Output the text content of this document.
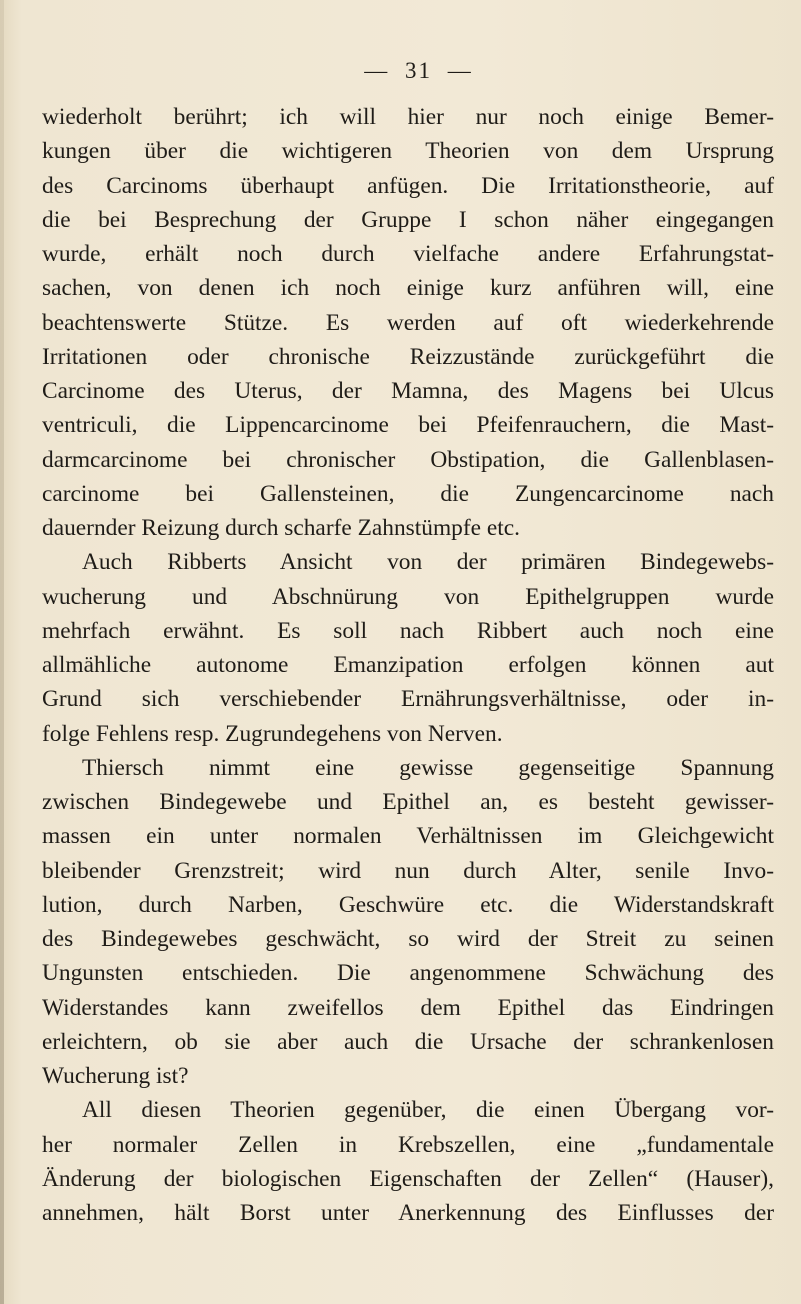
— 31 —
wiederholt berührt; ich will hier nur noch einige Bemer-
kungen über die wichtigeren Theorien von dem Ursprung
des Carcinoms überhaupt anfügen. Die Irritationstheorie, auf
die bei Besprechung der Gruppe I schon näher eingegangen
wurde, erhält noch durch vielfache andere Erfahrungstat-
sachen, von denen ich noch einige kurz anführen will, eine
beachtenswerte Stütze. Es werden auf oft wiederkehrende
Irritationen oder chronische Reizzustände zurückgeführt die
Carcinome des Uterus, der Mamna, des Magens bei Ulcus
ventriculi, die Lippencarcinome bei Pfeifenrauchern, die Mast-
darmcarcinome bei chronischer Obstipation, die Gallenblasen-
carcinome bei Gallensteinen, die Zungencarcinome nach
dauernder Reizung durch scharfe Zahnstümpfe etc.
Auch Ribberts Ansicht von der primären Bindegewebs-
wucherung und Abschnürung von Epithelgruppen wurde
mehrfach erwähnt. Es soll nach Ribbert auch noch eine
allmähliche autonome Emanzipation erfolgen können aut
Grund sich verschiebender Ernährungsverhältnisse, oder in-
folge Fehlens resp. Zugrundegehens von Nerven.
Thiersch nimmt eine gewisse gegenseitige Spannung
zwischen Bindegewebe und Epithel an, es besteht gewisser-
massen ein unter normalen Verhältnissen im Gleichgewicht
bleibender Grenzstreit; wird nun durch Alter, senile Invo-
lution, durch Narben, Geschwüre etc. die Widerstandskraft
des Bindegewebes geschwächt, so wird der Streit zu seinen
Ungunsten entschieden. Die angenommene Schwächung des
Widerstandes kann zweifellos dem Epithel das Eindringen
erleichtern, ob sie aber auch die Ursache der schrankenlosen
Wucherung ist?
All diesen Theorien gegenüber, die einen Übergang vor-
her normaler Zellen in Krebszellen, eine „fundamentale
Änderung der biologischen Eigenschaften der Zellen“ (Hauser),
annehmen, hält Borst unter Anerkennung des Einflusses der
